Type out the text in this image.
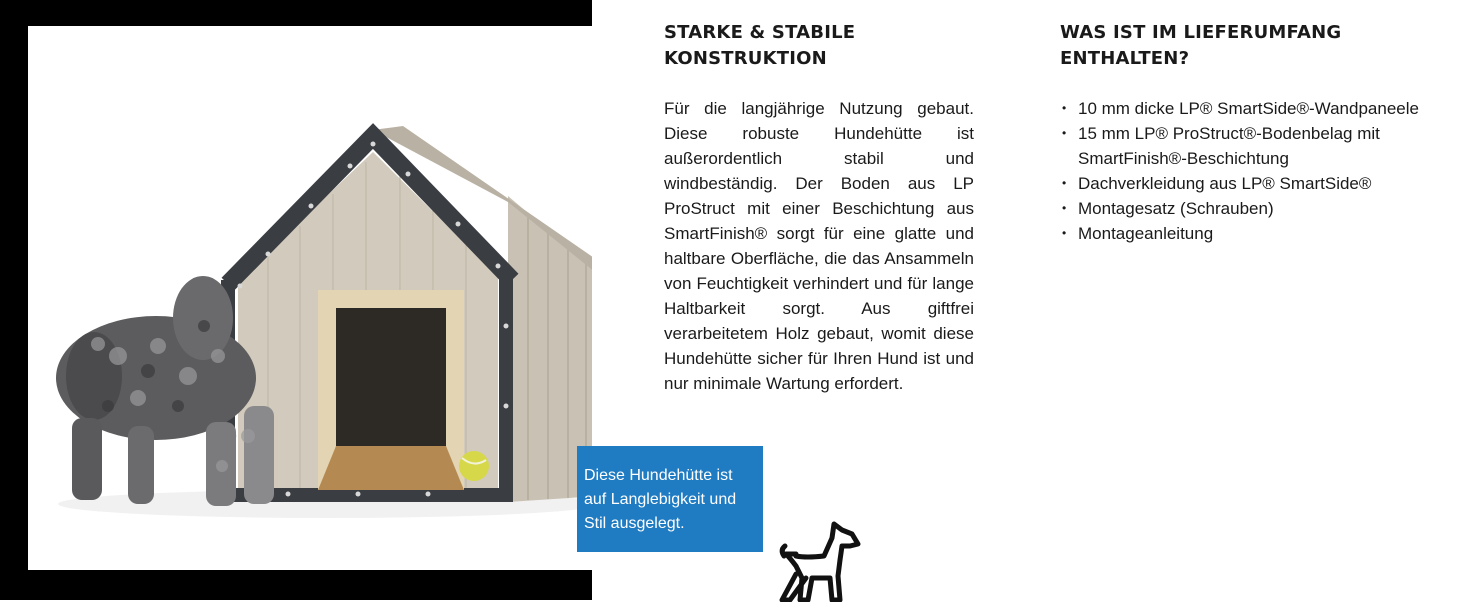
Diese Hundehütte ist auf Langlebigkeit und Stil ausgelegt.
STARKE & STABILE KONSTRUKTION
Für die langjährige Nutzung gebaut. Diese robuste Hundehütte ist außerordentlich stabil und windbeständig. Der Boden aus LP ProStruct mit einer Beschichtung aus SmartFinish® sorgt für eine glatte und haltbare Oberfläche, die das Ansammeln von Feuchtigkeit verhindert und für lange Haltbarkeit sorgt. Aus giftfrei verarbeitetem Holz gebaut, womit diese Hundehütte sicher für Ihren Hund ist und nur minimale Wartung erfordert.
WAS IST IM LIEFERUMFANG ENTHALTEN?
• 10 mm dicke LP® SmartSide®-Wandpaneele
• 15 mm LP® ProStruct®-Bodenbelag mit SmartFinish®-Beschichtung
• Dachverkleidung aus LP® SmartSide®
• Montagesatz (Schrauben)
• Montageanleitung
